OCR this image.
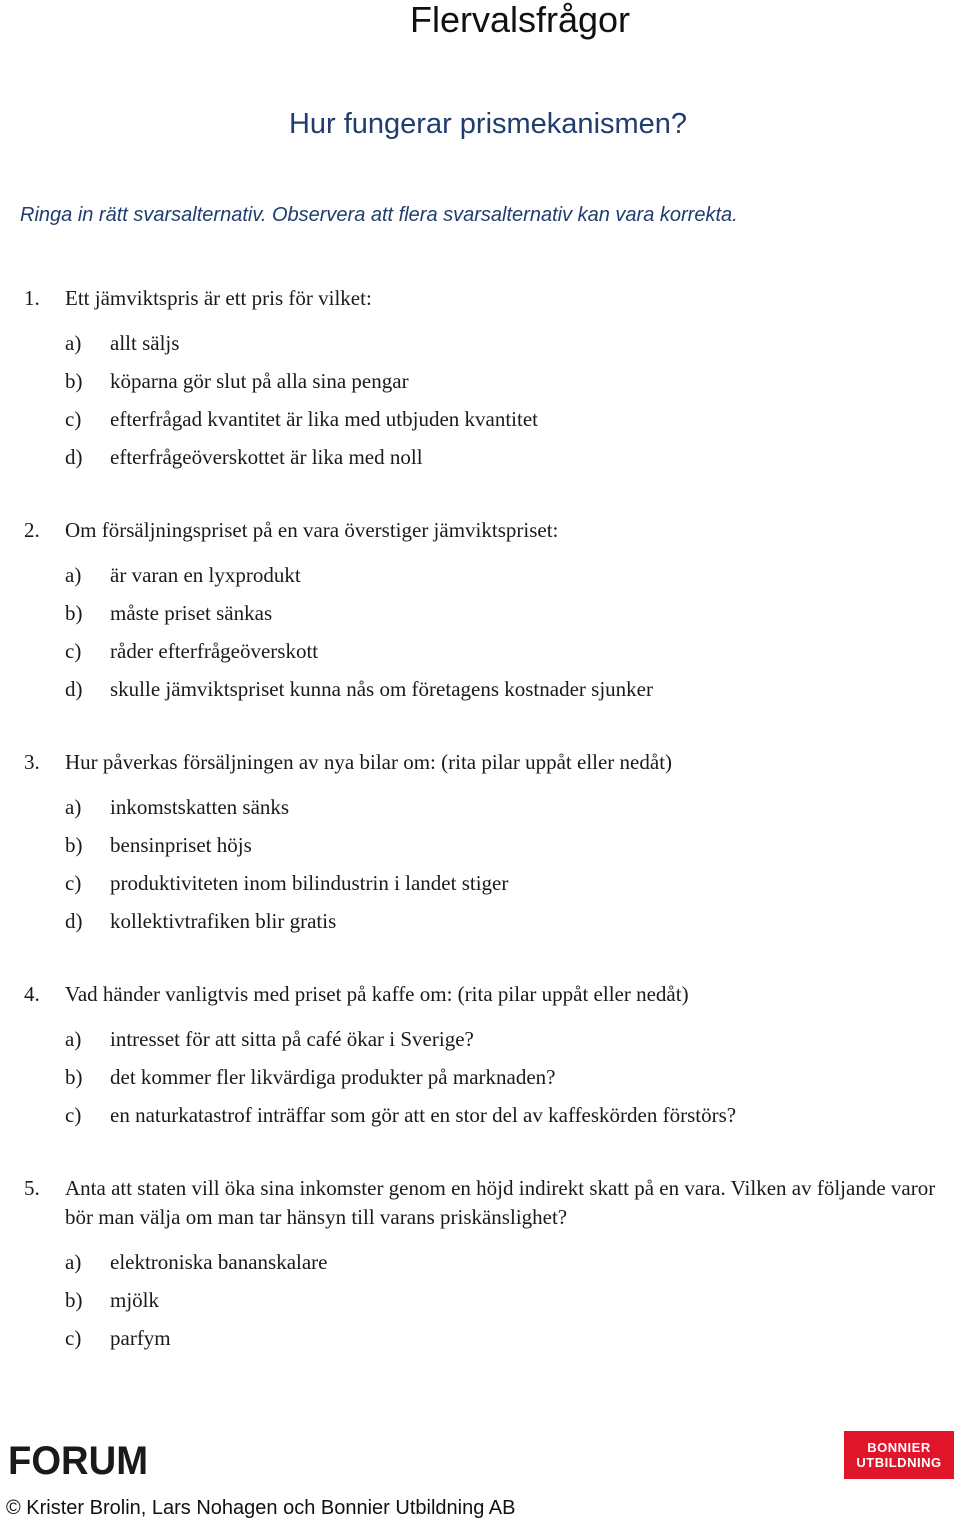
Flervalsfrågor
Hur fungerar prismekanismen?
Ringa in rätt svarsalternativ. Observera att flera svarsalternativ kan vara korrekta.
1. Ett jämviktspris är ett pris för vilket:
a) allt säljs
b) köparna gör slut på alla sina pengar
c) efterfrågad kvantitet är lika med utbjuden kvantitet
d) efterfrågeöverskottet är lika med noll
2. Om försäljningspriset på en vara överstiger jämviktspriset:
a) är varan en lyxprodukt
b) måste priset sänkas
c) råder efterfrågeöverskott
d) skulle jämviktspriset kunna nås om företagens kostnader sjunker
3. Hur påverkas försäljningen av nya bilar om: (rita pilar uppåt eller nedåt)
a) inkomstskatten sänks
b) bensinpriset höjs
c) produktiviteten inom bilindustrin i landet stiger
d) kollektivtrafiken blir gratis
4. Vad händer vanligtvis med priset på kaffe om: (rita pilar uppåt eller nedåt)
a) intresset för att sitta på café ökar i Sverige?
b) det kommer fler likvärdiga produkter på marknaden?
c) en naturkatastrof inträffar som gör att en stor del av kaffeskörden förstörs?
5. Anta att staten vill öka sina inkomster genom en höjd indirekt skatt på en vara. Vilken av följande varor bör man välja om man tar hänsyn till varans priskänslighet?
a) elektroniska bananskalare
b) mjölk
c) parfym
FORUM	BONNIER
UTBILDNING
© Krister Brolin, Lars Nohagen och Bonnier Utbildning AB
